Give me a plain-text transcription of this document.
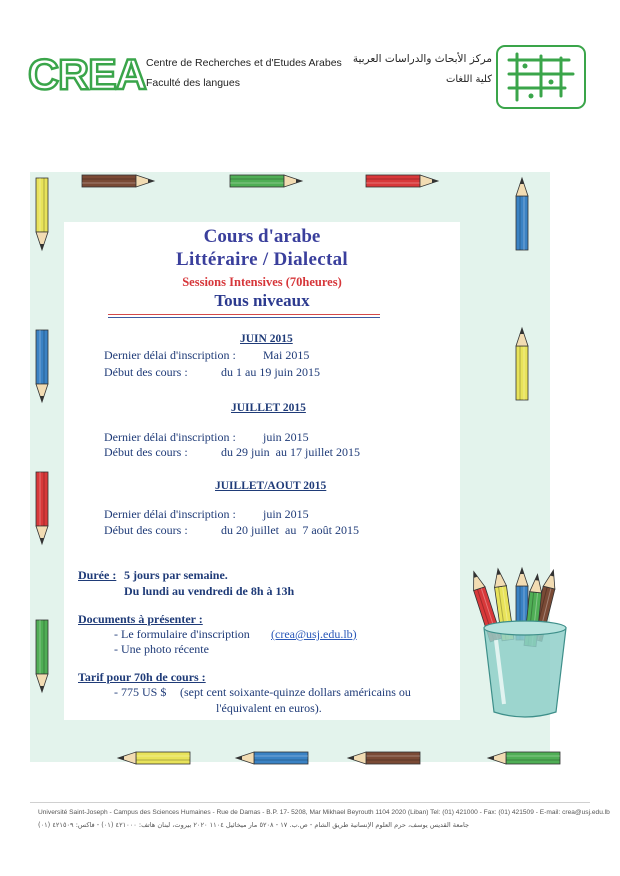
CREA Centre de Recherches et d'Etudes Arabes
Faculté des langues
مركز الأبحاث والدراسات العربية
كلية اللغات
Cours d'arabe
Littéraire / Dialectal
Sessions Intensives (70heures)
Tous niveaux
JUIN 2015
Dernier délai d'inscription : Mai 2015
Début des cours :	du 1 au 19 juin 2015
JUILLET 2015
Dernier délai d'inscription : juin 2015
Début des cours :	du 29 juin  au 17 juillet 2015
JUILLET/AOUT 2015
Dernier délai d'inscription : juin 2015
Début des cours :	du 20 juillet  au  7 août 2015
Durée : 5 jours par semaine.
Du lundi au vendredi de 8h à 13h
Documents à présenter :
- Le formulaire d'inscription (crea@usj.edu.lb)
- Une photo récente
Tarif pour 70h de cours :
- 775 US $ (sept cent soixante-quinze dollars américains ou
l'équivalent en euros).
Université Saint-Joseph - Campus des Sciences Humaines - Rue de Damas - B.P. 17- 5208, Mar Mikhael Beyrouth 1104 2020 (Liban) Tel: (01) 421000 - Fax: (01) 421509 - E-mail: crea@usj.edu.lb
جامعة القديس يوسف، حرم العلوم الإنسانية طريق الشام - ص.ب. ١٧ - ٥٢٠٨ مار ميخائيل ١١٠٤ ٢٠٢٠ بيروت، لبنان هاتف: ٤٢١٠٠٠ (٠١) - فاكس: ٤٢١٥٠٩ (٠١)
